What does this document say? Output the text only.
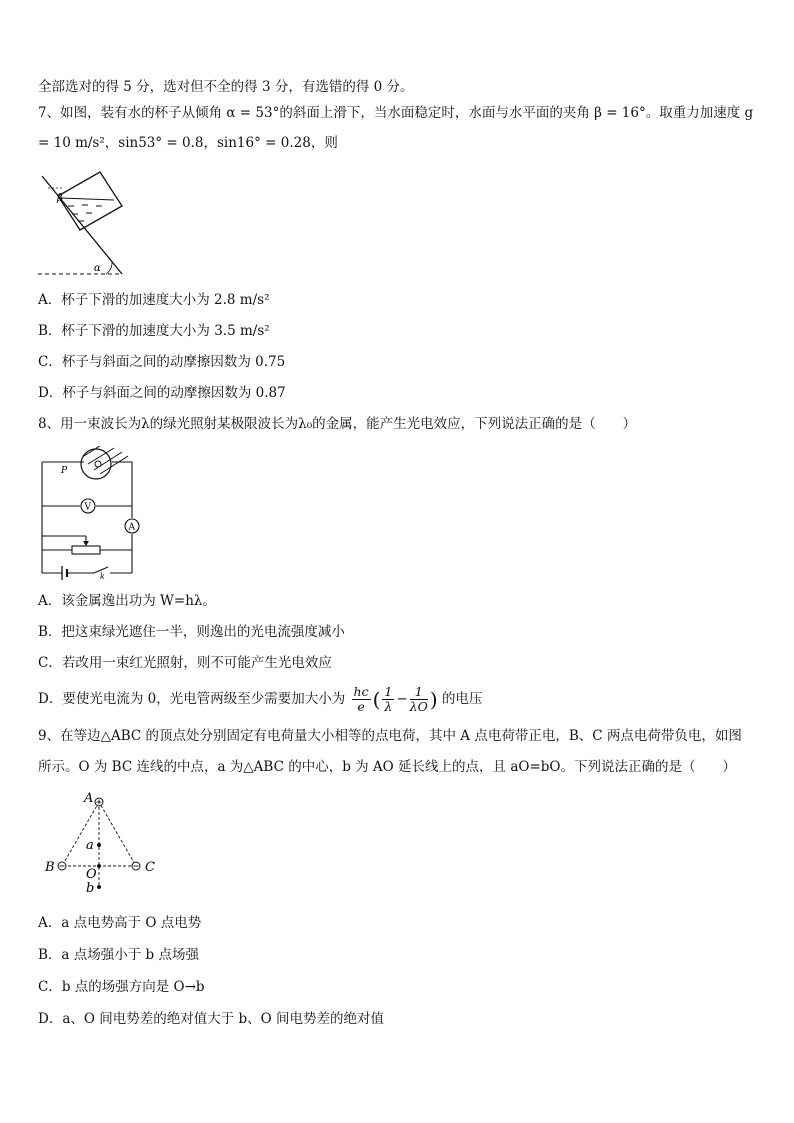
全部选对的得 5 分，选对但不全的得 3 分，有选错的得 0 分。
7、如图，装有水的杯子从倾角 α = 53°的斜面上滑下，当水面稳定时，水面与水平面的夹角 β = 16°。取重力加速度 g
= 10 m/s²，sin53° = 0.8，sin16° = 0.28，则
β
α
A．杯子下滑的加速度大小为 2.8 m/s²
B．杯子下滑的加速度大小为 3.5 m/s²
C．杯子与斜面之间的动摩擦因数为 0.75
D．杯子与斜面之间的动摩擦因数为 0.87
8、用一束波长为λ的绿光照射某极限波长为λ₀的金属，能产生光电效应，下列说法正确的是（　　）
P
V
A
k
A．该金属逸出功为 W=hλ。
B．把这束绿光遮住一半，则逸出的光电流强度减小
C．若改用一束红光照射，则不可能产生光电效应
D．要使光电流为 0，光电管两级至少需要加大小为 $\frac{hc}{e}$ ( $\frac{1}{\lambda} - \frac{1}{\lambda O}$ ) 的电压
9、在等边△ABC 的顶点处分别固定有电荷量大小相等的点电荷，其中 A 点电荷带正电，B、C 两点电荷带负电，如图
所示。O 为 BC 连线的中点，a 为△ABC 的中心，b 为 AO 延长线上的点，且 aO=bO。下列说法正确的是（　　）
A
B	C
a
O
b
A．a 点电势高于 O 点电势
B．a 点场强小于 b 点场强
C．b 点的场强方向是 O→b
D．a、O 间电势差的绝对值大于 b、O 间电势差的绝对值
